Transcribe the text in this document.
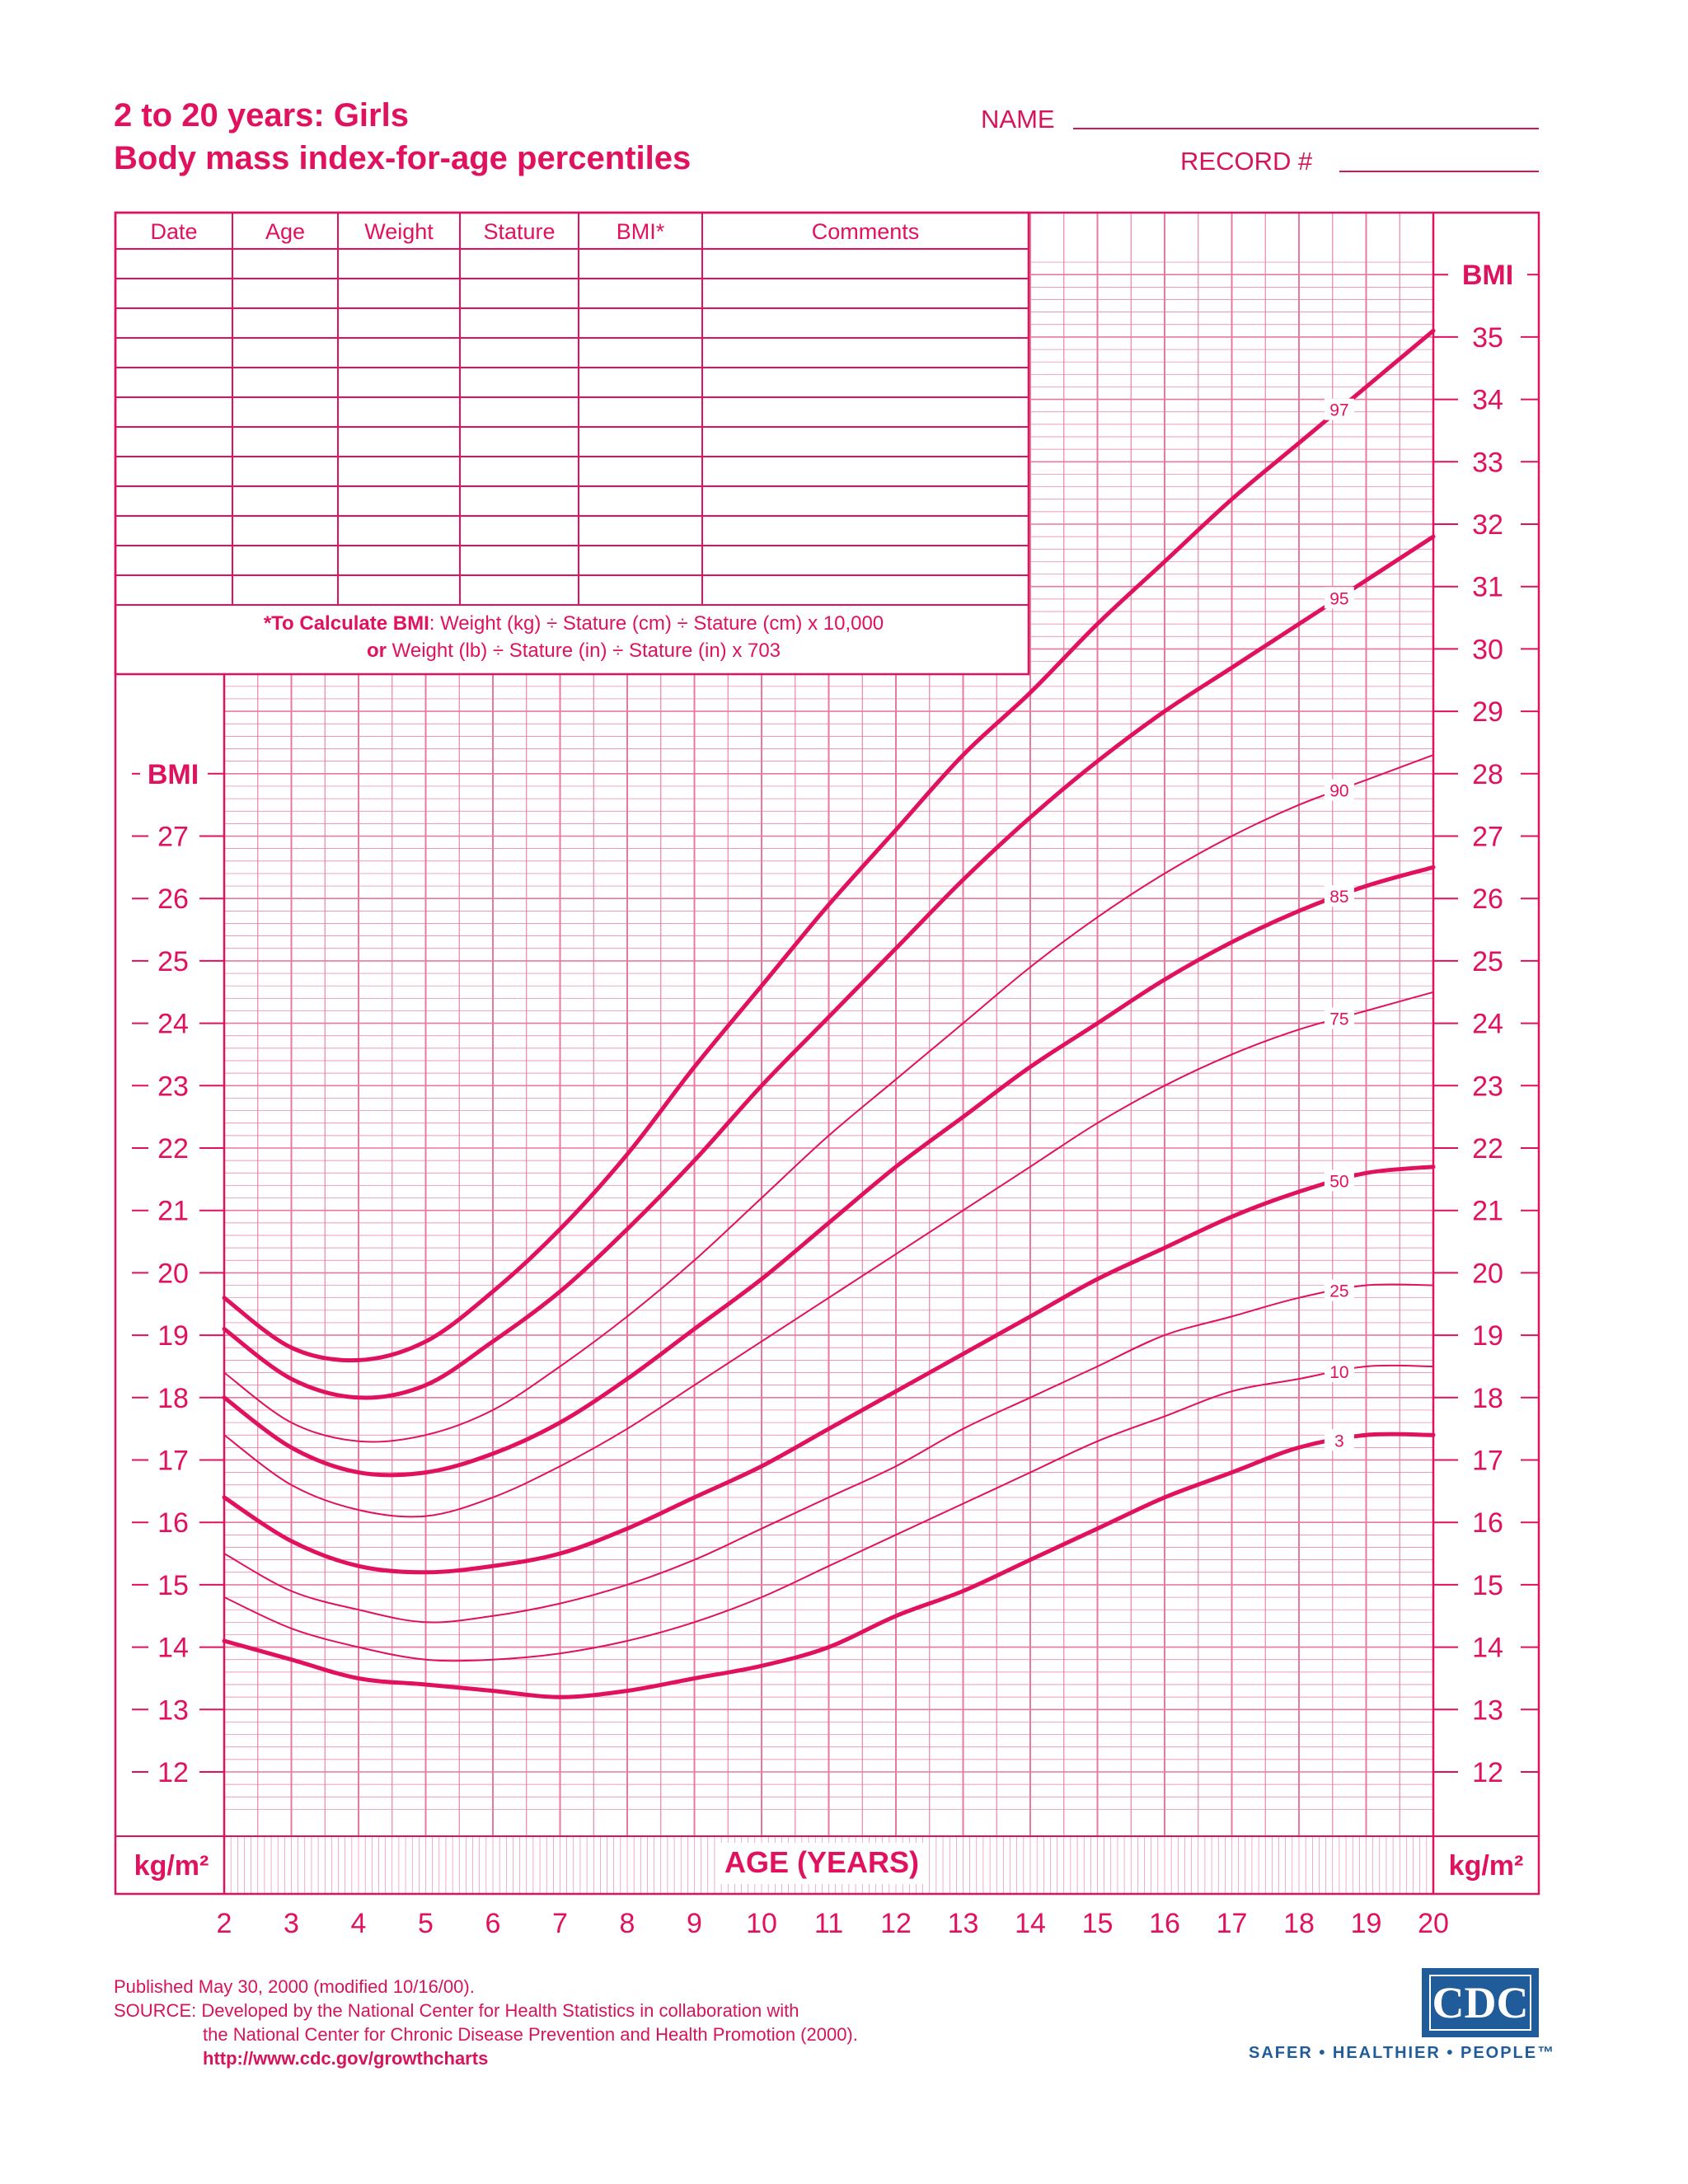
2 to 20 years: Girls
Body mass index-for-age percentiles
NAME
RECORD #
97
95
90
85
75
50
25
10
3
Date	Age	Weight Stature	BMI*	Comments
*To Calculate BMI: Weight (kg) ÷ Stature (cm) ÷ Stature (cm) x 10,000
or Weight (lb) ÷ Stature (in) ÷ Stature (in) x 703
12
13
14
15
16
17
18
19
20
21
22
23
24
25
26
27
BMI
12
13
14
15
16
17
18
19
20
21
22
23
24
25
26
27
28
29
30
31
32
33
34
35
BMI
kg/m²	kg/m²
AGE (YEARS)
2 3 4 5 6 7 8 9 10 11 12 13 14 15 16 17 18 19 20
Published May 30, 2000 (modified 10/16/00).
SOURCE: Developed by the National Center for Health Statistics in collaboration with
the National Center for Chronic Disease Prevention and Health Promotion (2000).
http://www.cdc.gov/growthcharts
CDC
SAFER • HEALTHIER • PEOPLE™
